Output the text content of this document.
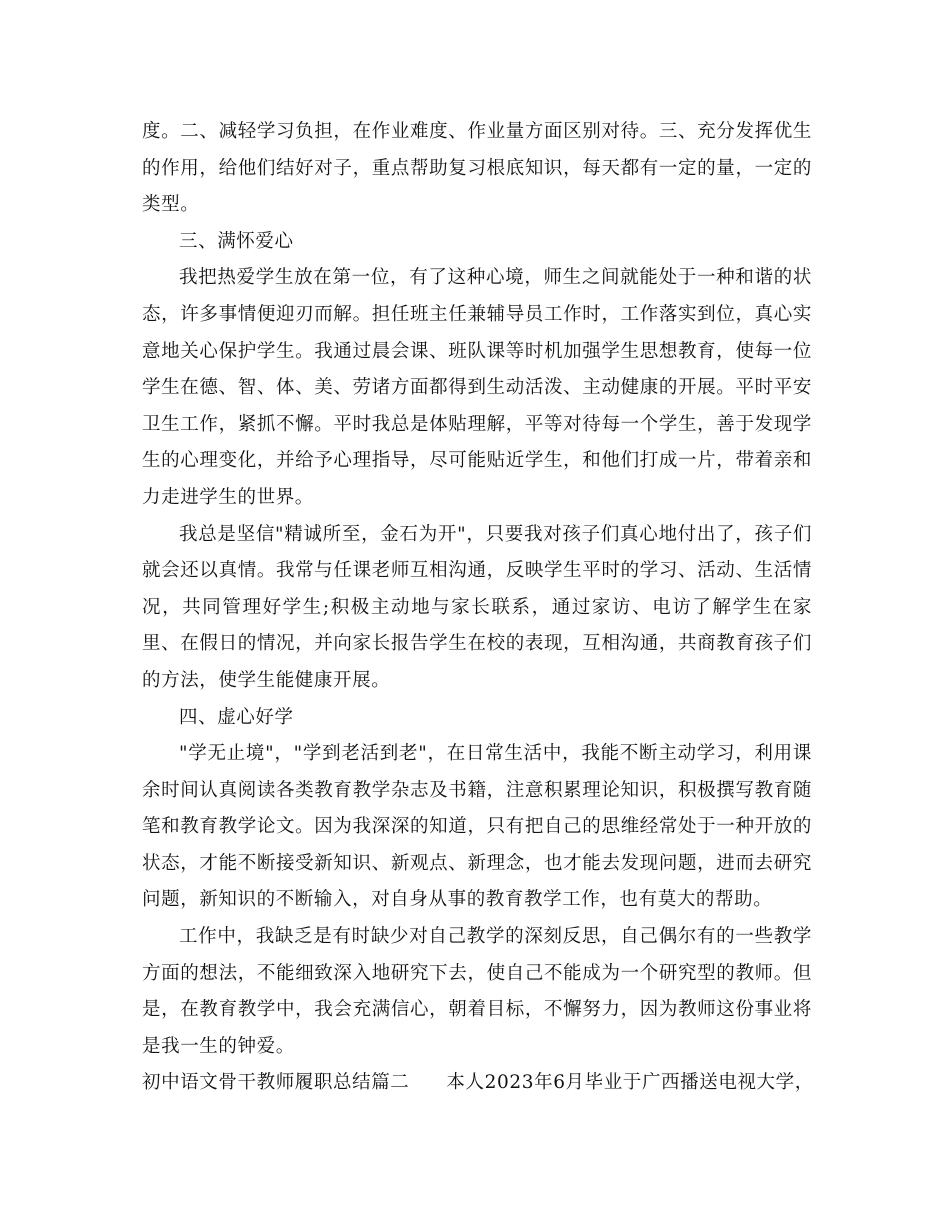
度。二、减轻学习负担，在作业难度、作业量方面区别对待。三、充分发挥优生的作用，给他们结好对子，重点帮助复习根底知识，每天都有一定的量，一定的类型。

三、满怀爱心

我把热爱学生放在第一位，有了这种心境，师生之间就能处于一种和谐的状态，许多事情便迎刃而解。担任班主任兼辅导员工作时，工作落实到位，真心实意地关心保护学生。我通过晨会课、班队课等时机加强学生思想教育，使每一位学生在德、智、体、美、劳诸方面都得到生动活泼、主动健康的开展。平时平安卫生工作，紧抓不懈。平时我总是体贴理解，平等对待每一个学生，善于发现学生的心理变化，并给予心理指导，尽可能贴近学生，和他们打成一片，带着亲和力走进学生的世界。

我总是坚信"精诚所至，金石为开"，只要我对孩子们真心地付出了，孩子们就会还以真情。我常与任课老师互相沟通，反映学生平时的学习、活动、生活情况，共同管理好学生;积极主动地与家长联系，通过家访、电访了解学生在家里、在假日的情况，并向家长报告学生在校的表现，互相沟通，共商教育孩子们的方法，使学生能健康开展。

四、虚心好学

"学无止境"，"学到老活到老"，在日常生活中，我能不断主动学习，利用课余时间认真阅读各类教育教学杂志及书籍，注意积累理论知识，积极撰写教育随笔和教育教学论文。因为我深深的知道，只有把自己的思维经常处于一种开放的状态，才能不断接受新知识、新观点、新理念，也才能去发现问题，进而去研究问题，新知识的不断输入，对自身从事的教育教学工作，也有莫大的帮助。

工作中，我缺乏是有时缺少对自己教学的深刻反思，自己偶尔有的一些教学方面的想法，不能细致深入地研究下去，使自己不能成为一个研究型的教师。但是，在教育教学中，我会充满信心，朝着目标，不懈努力，因为教师这份事业将是我一生的钟爱。

初中语文骨干教师履职总结篇二 本人2023年6月毕业于广西播送电视大学，
